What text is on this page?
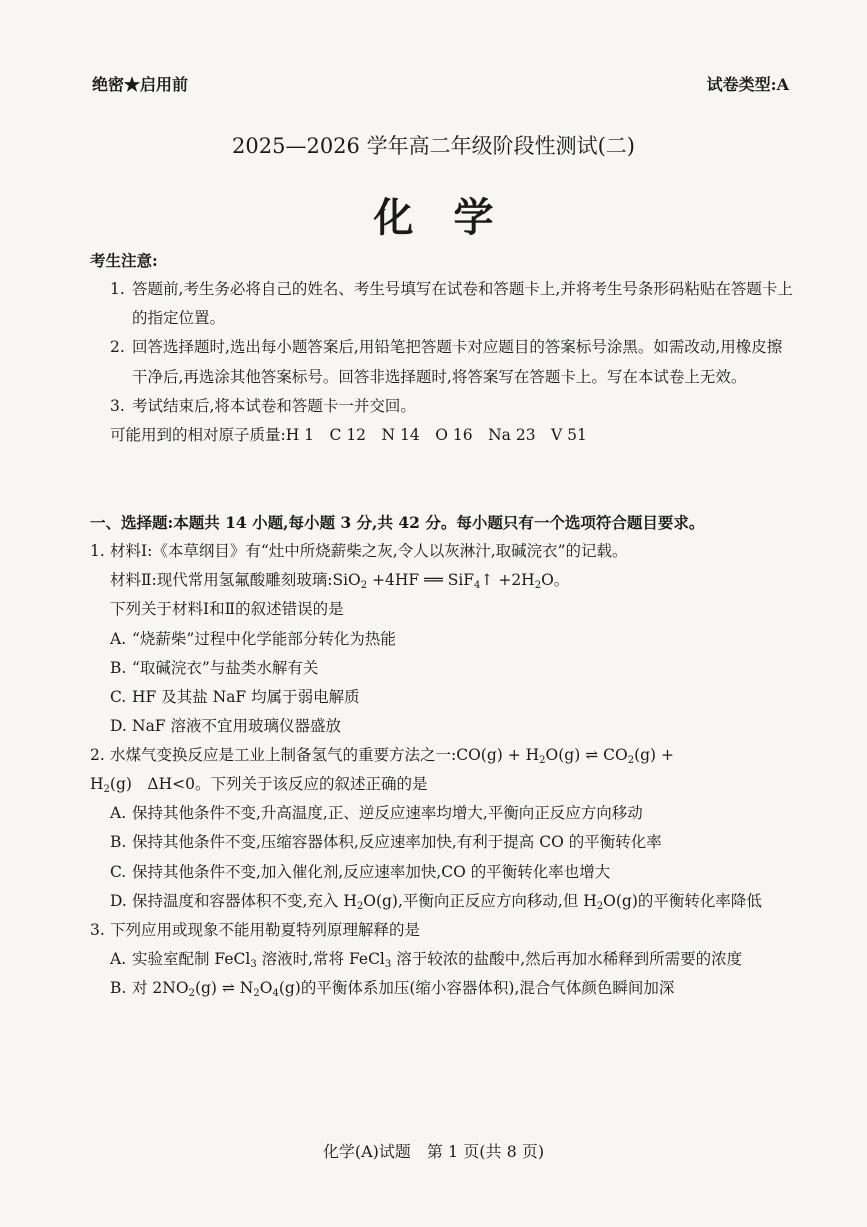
绝密★启用前	试卷类型:A
2025—2026 学年高二年级阶段性测试(二)
化学
考生注意:
1. 答题前,考生务必将自己的姓名、考生号填写在试卷和答题卡上,并将考生号条形码粘贴在答题卡上的指定位置。
2. 回答选择题时,选出每小题答案后,用铅笔把答题卡对应题目的答案标号涂黑。如需改动,用橡皮擦干净后,再选涂其他答案标号。回答非选择题时,将答案写在答题卡上。写在本试卷上无效。
3. 考试结束后,将本试卷和答题卡一并交回。
可能用到的相对原子质量:H 1　C 12　N 14　O 16　Na 23　V 51
一、选择题:本题共 14 小题,每小题 3 分,共 42 分。每小题只有一个选项符合题目要求。
1. 材料Ⅰ:《本草纲目》有“灶中所烧薪柴之灰,令人以灰淋汁,取碱浣衣”的记载。
材料Ⅱ:现代常用氢氟酸雕刻玻璃:SiO$_2$ +4HF ══ SiF$_4$↑ $+2H_2O$。
下列关于材料Ⅰ和Ⅱ的叙述错误的是
A. “烧薪柴”过程中化学能部分转化为热能
B. “取碱浣衣”与盐类水解有关
C. HF 及其盐 NaF 均属于弱电解质
D. NaF 溶液不宜用玻璃仪器盛放
2. 水煤气变换反应是工业上制备氢气的重要方法之一:CO(g) + $H_2O(g)$ ⇌ $CO_2(g)$ +
$H_2(g)$　ΔH<0。下列关于该反应的叙述正确的是
A. 保持其他条件不变,升高温度,正、逆反应速率均增大,平衡向正反应方向移动
B. 保持其他条件不变,压缩容器体积,反应速率加快,有利于提高 CO 的平衡转化率
C. 保持其他条件不变,加入催化剂,反应速率加快,CO 的平衡转化率也增大
D. 保持温度和容器体积不变,充入 $H_2O(g)$,平衡向正反应方向移动,但 $H_2O(g)$的平衡转化率降低
3. 下列应用或现象不能用勒夏特列原理解释的是
A. 实验室配制 FeCl$_3$ 溶液时,常将 FeCl$_3$ 溶于较浓的盐酸中,然后再加水稀释到所需要的浓度
B. 对 $2NO_2(g)$ ⇌ $N_2O_4(g)$的平衡体系加压(缩小容器体积),混合气体颜色瞬间加深
化学(A)试题　第 1 页(共 8 页)
